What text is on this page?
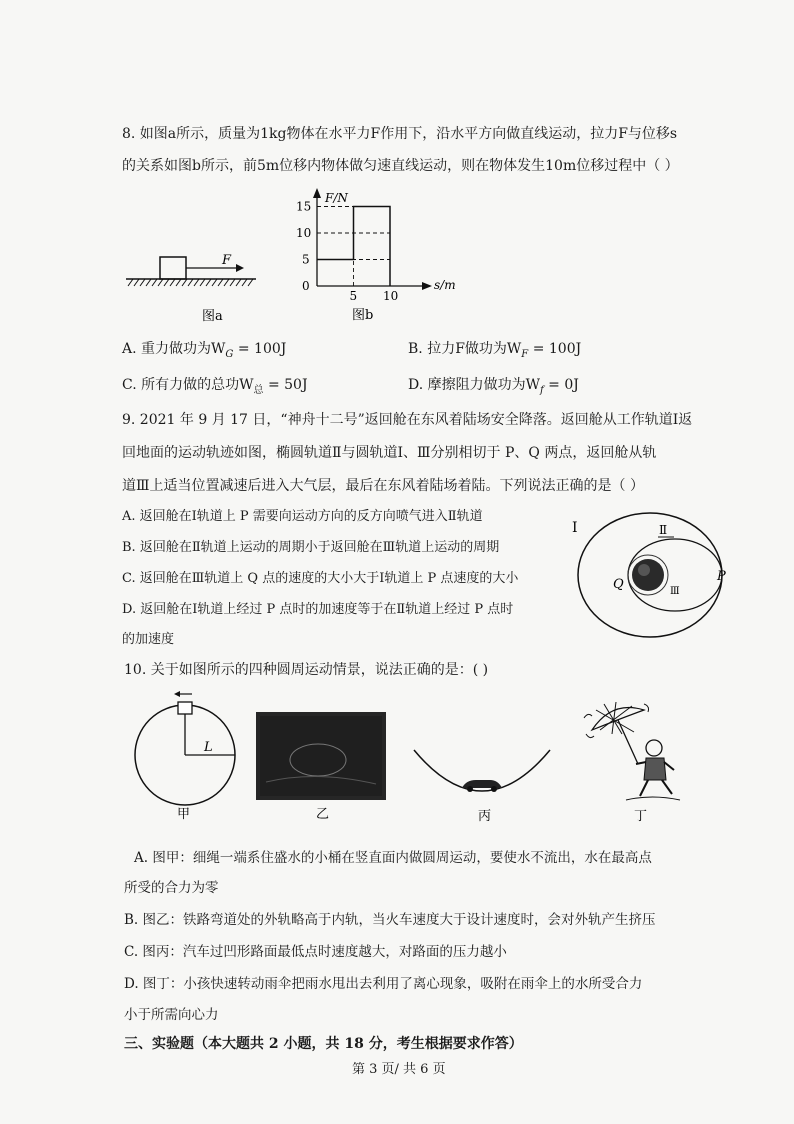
8. 如图a所示，质量为1kg物体在水平力F作用下，沿水平方向做直线运动，拉力F与位移s
的关系如图b所示，前5m位移内物体做匀速直线运动，则在物体发生10m位移过程中（ ）
F
图a
F/N
s/m
15
10
5
0
5 10
图b
A. 重力做功为$W_G = 100J$	B. 拉力F做功为$W_F = 100J$
C. 所有力做的总功$W_总 = 50J$	D. 摩擦阻力做功为$W_f = 0J$
9. 2021 年 9 月 17 日，“神舟十二号”返回舱在东风着陆场安全降落。返回舱从工作轨道Ⅰ返
回地面的运动轨迹如图，椭圆轨道Ⅱ与圆轨道Ⅰ、Ⅲ分别相切于 P、Q 两点，返回舱从轨
道Ⅲ上适当位置减速后进入大气层，最后在东风着陆场着陆。下列说法正确的是（ ）
A. 返回舱在Ⅰ轨道上 P 需要向运动方向的反方向喷气进入Ⅱ轨道
B. 返回舱在Ⅱ轨道上运动的周期小于返回舱在Ⅲ轨道上运动的周期
C. 返回舱在Ⅲ轨道上 Q 点的速度的大小大于Ⅰ轨道上 P 点速度的大小
D. 返回舱在Ⅰ轨道上经过 P 点时的加速度等于在Ⅱ轨道上经过 P 点时
的加速度
Ⅰ	Ⅱ
Ⅲ
P
Q
10. 关于如图所示的四种圆周运动情景，说法正确的是：( )
L
甲	乙	丙	丁
A. 图甲：细绳一端系住盛水的小桶在竖直面内做圆周运动，要使水不流出，水在最高点
所受的合力为零
B. 图乙：铁路弯道处的外轨略高于内轨，当火车速度大于设计速度时，会对外轨产生挤压
C. 图丙：汽车过凹形路面最低点时速度越大，对路面的压力越小
D. 图丁：小孩快速转动雨伞把雨水甩出去利用了离心现象，吸附在雨伞上的水所受合力
小于所需向心力
三、实验题（本大题共 2 小题，共 18 分，考生根据要求作答）
第 3 页/ 共 6 页
